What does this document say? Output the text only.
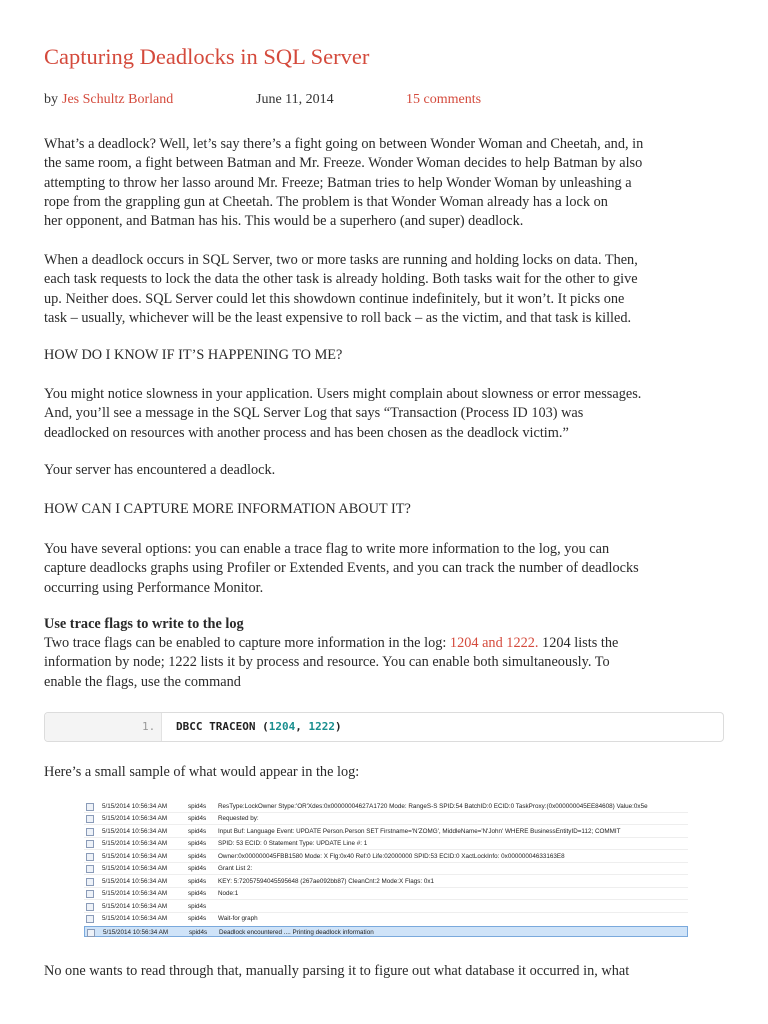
Capturing Deadlocks in SQL Server
by Jes Schultz Borland	June 11, 2014	15 comments
What’s a deadlock? Well, let’s say there’s a fight going on between Wonder Woman and Cheetah, and, in
the same room, a fight between Batman and Mr. Freeze. Wonder Woman decides to help Batman by also
attempting to throw her lasso around Mr. Freeze; Batman tries to help Wonder Woman by unleashing a
rope from the grappling gun at Cheetah. The problem is that Wonder Woman already has a lock on
her opponent, and Batman has his. This would be a superhero (and super) deadlock.
When a deadlock occurs in SQL Server, two or more tasks are running and holding locks on data. Then,
each task requests to lock the data the other task is already holding. Both tasks wait for the other to give
up. Neither does. SQL Server could let this showdown continue indefinitely, but it won’t. It picks one
task – usually, whichever will be the least expensive to roll back – as the victim, and that task is killed.
HOW DO I KNOW IF IT’S HAPPENING TO ME?
You might notice slowness in your application. Users might complain about slowness or error messages.
And, you’ll see a message in the SQL Server Log that says “Transaction (Process ID 103) was
deadlocked on resources with another process and has been chosen as the deadlock victim.”
Your server has encountered a deadlock.
HOW CAN I CAPTURE MORE INFORMATION ABOUT IT?
You have several options: you can enable a trace flag to write more information to the log, you can
capture deadlocks graphs using Profiler or Extended Events, and you can track the number of deadlocks
occurring using Performance Monitor.
Use trace flags to write to the log
Two trace flags can be enabled to capture more information in the log: 1204 and 1222. 1204 lists the
information by node; 1222 lists it by process and resource. You can enable both simultaneously. To
enable the flags, use the command
1. DBCC TRACEON (1204, 1222)
Here’s a small sample of what would appear in the log:
5/15/2014 10:56:34 AM	spid4s ResType:LockOwner Stype:'OR'Xdes:0x00000004627A1720 Mode: RangeS-S SPID:54 BatchID:0 ECID:0 TaskProxy:(0x000000045EE84608) Value:0x5e
5/15/2014 10:56:34 AM	spid4s Requested by:
5/15/2014 10:56:34 AM	spid4s Input Buf: Language Event: UPDATE Person.Person SET Firstname='N'ZOMG', MiddleName='N'John' WHERE BusinessEntityID=112; COMMIT
5/15/2014 10:56:34 AM	spid4s SPID: 53 ECID: 0 Statement Type: UPDATE Line #: 1
5/15/2014 10:56:34 AM	spid4s Owner:0x000000045FBB1580 Mode: X Flg:0x40 Ref:0 Life:02000000 SPID:53 ECID:0 XactLockInfo: 0x00000004633163E8
5/15/2014 10:56:34 AM	spid4s Grant List 2:
5/15/2014 10:56:34 AM	spid4s KEY: 5:72057594045595648 (267ae092bb87) CleanCnt:2 Mode:X Flags: 0x1
5/15/2014 10:56:34 AM	spid4s Node:1
5/15/2014 10:56:34 AM	spid4s
5/15/2014 10:56:34 AM	spid4s Wait-for graph
5/15/2014 10:56:34 AM	spid4s Deadlock encountered .... Printing deadlock information
No one wants to read through that, manually parsing it to figure out what database it occurred in, what
